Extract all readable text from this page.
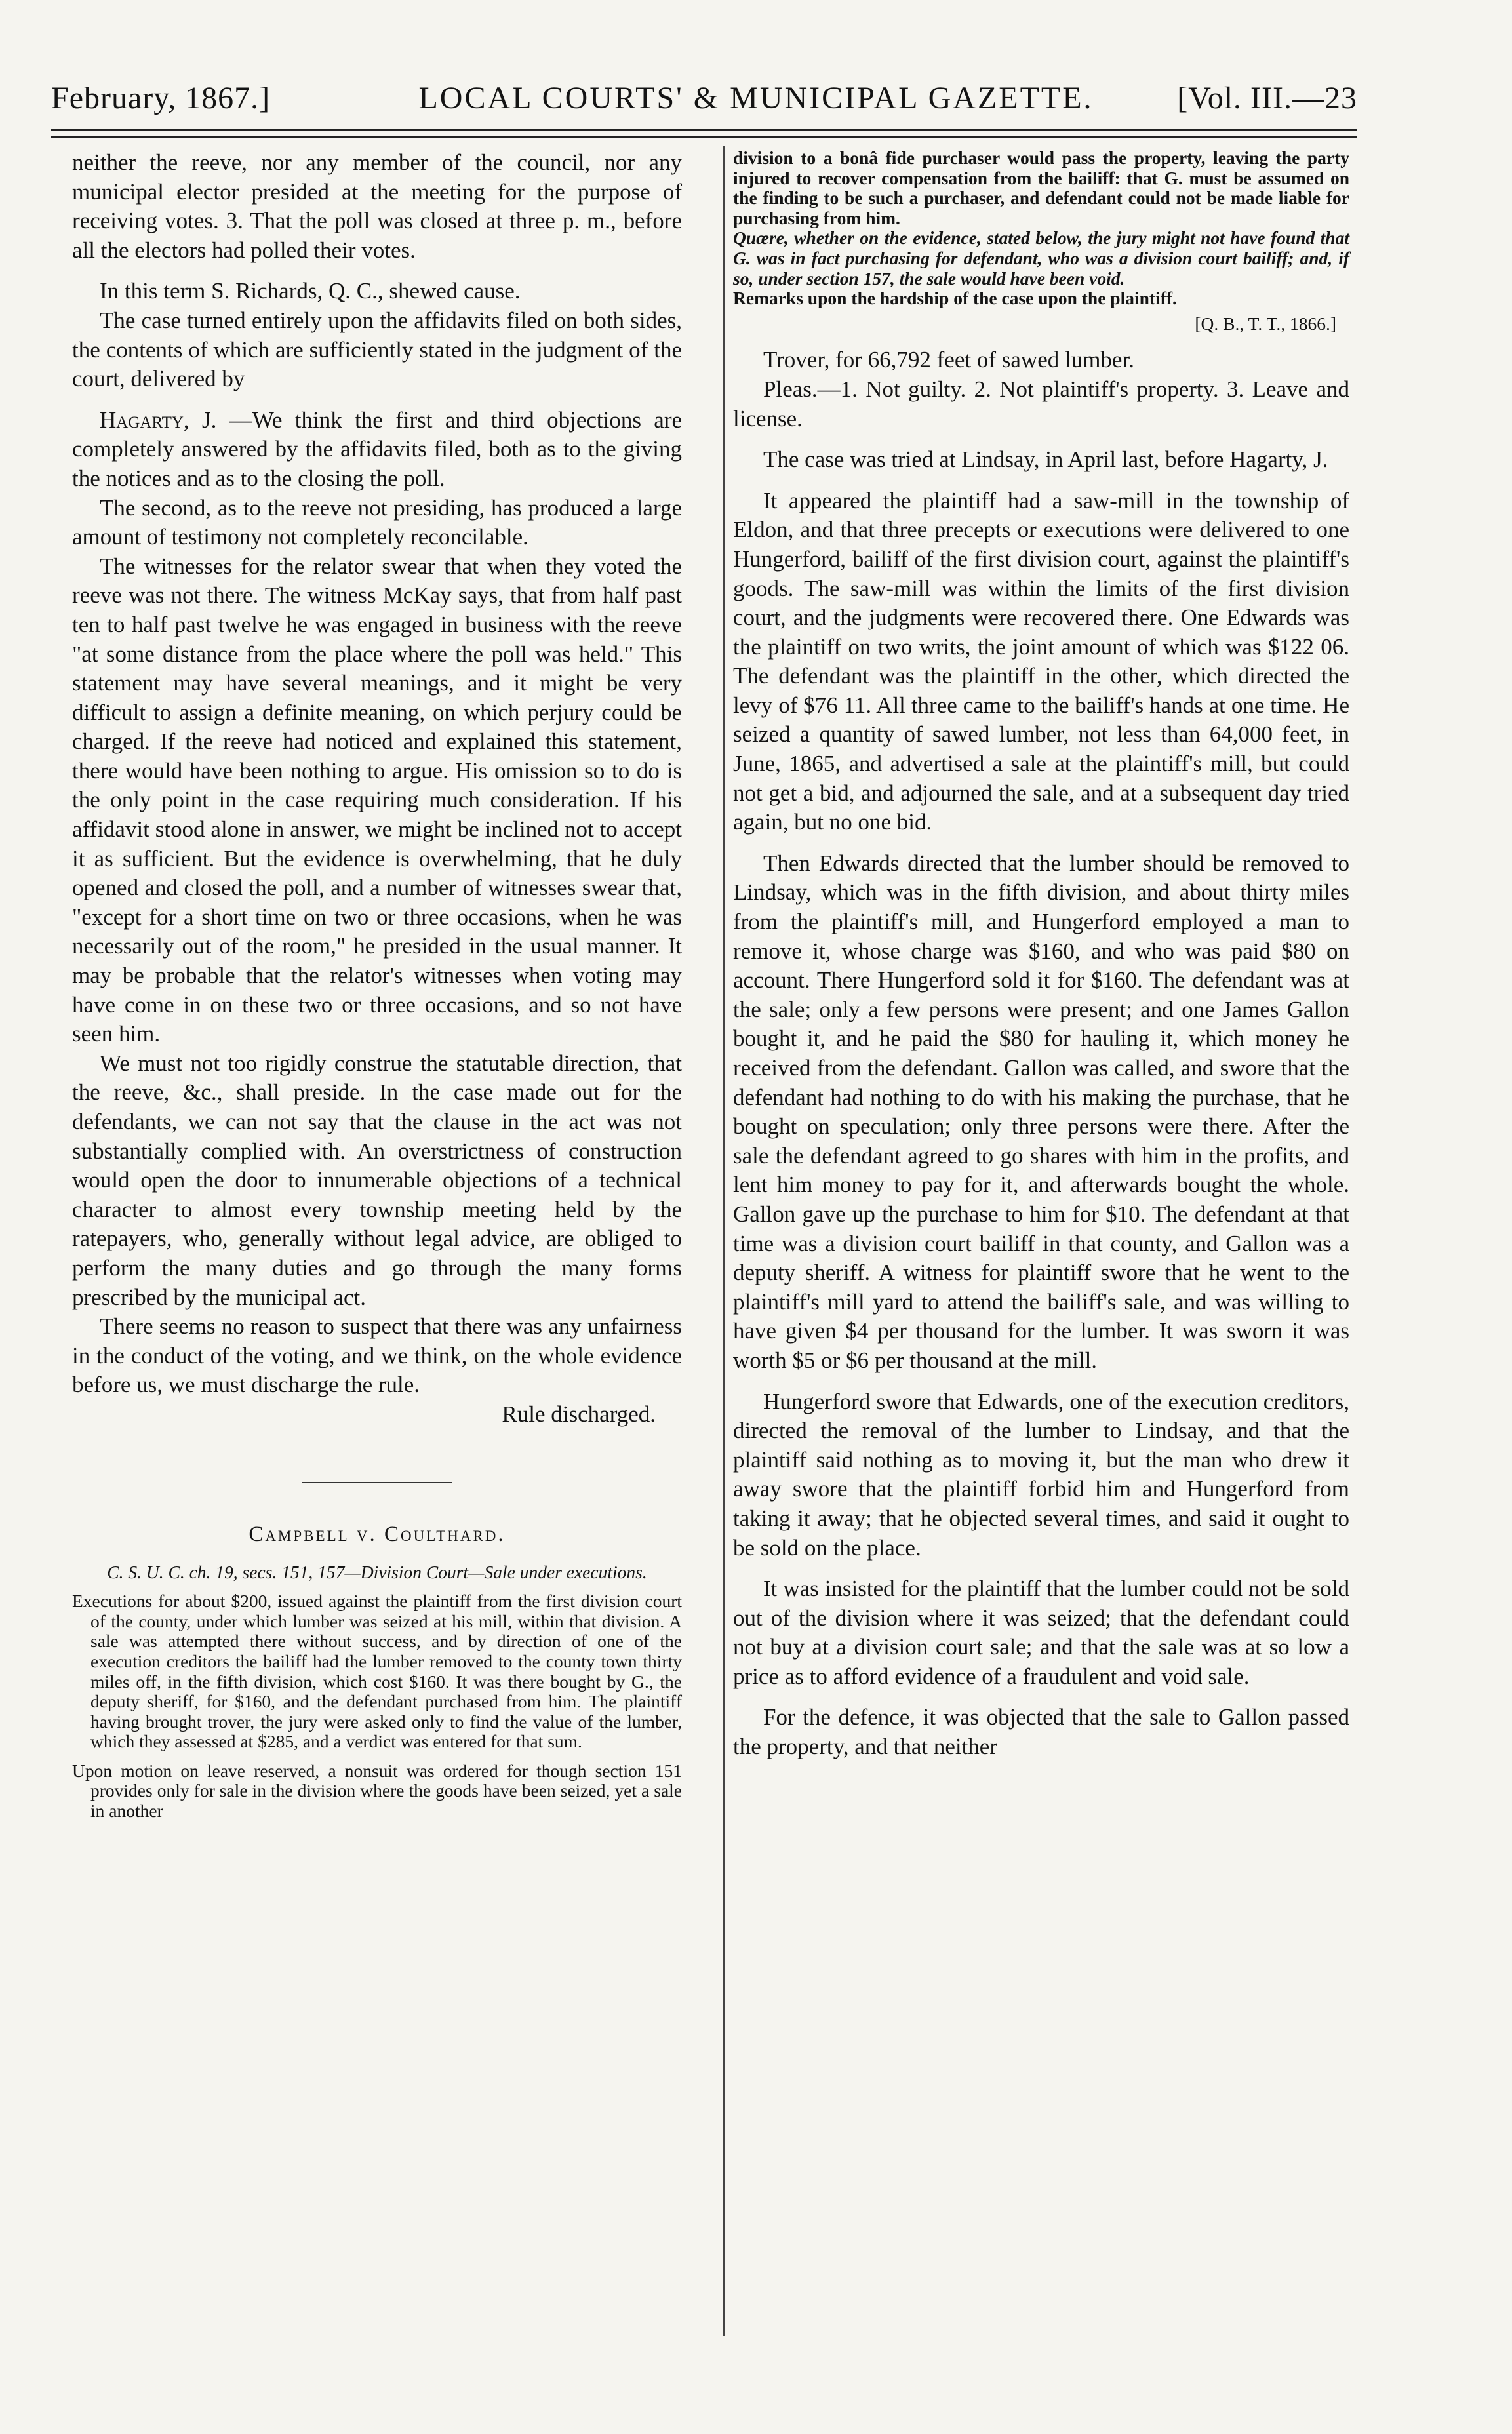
February, 1867.]	LOCAL COURTS' & MUNICIPAL GAZETTE.	[Vol. III.—23

neither the reeve, nor any member of the council, nor any municipal elector presided at the meeting for the purpose of receiving votes. 3. That the poll was closed at three p. m., before all the electors had polled their votes.

In this term S. Richards, Q. C., shewed cause.

The case turned entirely upon the affidavits filed on both sides, the contents of which are sufficiently stated in the judgment of the court, delivered by

Hagarty, J. —We think the first and third objections are completely answered by the affidavits filed, both as to the giving the notices and as to the closing the poll.

The second, as to the reeve not presiding, has produced a large amount of testimony not completely reconcilable.

The witnesses for the relator swear that when they voted the reeve was not there. The witness McKay says, that from half past ten to half past twelve he was engaged in business with the reeve "at some distance from the place where the poll was held." This statement may have several meanings, and it might be very difficult to assign a definite meaning, on which perjury could be charged. If the reeve had noticed and explained this statement, there would have been nothing to argue. His omission so to do is the only point in the case requiring much consideration. If his affidavit stood alone in answer, we might be inclined not to accept it as sufficient. But the evidence is overwhelming, that he duly opened and closed the poll, and a number of witnesses swear that, "except for a short time on two or three occasions, when he was necessarily out of the room," he presided in the usual manner. It may be probable that the relator's witnesses when voting may have come in on these two or three occasions, and so not have seen him.

We must not too rigidly construe the statutable direction, that the reeve, &c., shall preside. In the case made out for the defendants, we can not say that the clause in the act was not substantially complied with. An overstrictness of construction would open the door to innumerable objections of a technical character to almost every township meeting held by the ratepayers, who, generally without legal advice, are obliged to perform the many duties and go through the many forms prescribed by the municipal act.

There seems no reason to suspect that there was any unfairness in the conduct of the voting, and we think, on the whole evidence before us, we must discharge the rule.

Rule discharged.

Campbell v. Coulthard.

C. S. U. C. ch. 19, secs. 151, 157—Division Court—Sale under executions.

Executions for about $200, issued against the plaintiff from the first division court of the county, under which lumber was seized at his mill, within that division. A sale was attempted there without success, and by direction of one of the execution creditors the bailiff had the lumber removed to the county town thirty miles off, in the fifth division, which cost $160. It was there bought by G., the deputy sheriff, for $160, and the defendant purchased from him. The plaintiff having brought trover, the jury were asked only to find the value of the lumber, which they assessed at $285, and a verdict was entered for that sum.

Upon motion on leave reserved, a nonsuit was ordered for though section 151 provides only for sale in the division where the goods have been seized, yet a sale in another

division to a bonâ fide purchaser would pass the property, leaving the party injured to recover compensation from the bailiff: that G. must be assumed on the finding to be such a purchaser, and defendant could not be made liable for purchasing from him.

Quære, whether on the evidence, stated below, the jury might not have found that G. was in fact purchasing for defendant, who was a division court bailiff; and, if so, under section 157, the sale would have been void.

Remarks upon the hardship of the case upon the plaintiff.

[Q. B., T. T., 1866.]

Trover, for 66,792 feet of sawed lumber.

Pleas.—1. Not guilty. 2. Not plaintiff's property. 3. Leave and license.

The case was tried at Lindsay, in April last, before Hagarty, J.

It appeared the plaintiff had a saw-mill in the township of Eldon, and that three precepts or executions were delivered to one Hungerford, bailiff of the first division court, against the plaintiff's goods. The saw-mill was within the limits of the first division court, and the judgments were recovered there. One Edwards was the plaintiff on two writs, the joint amount of which was $122 06. The defendant was the plaintiff in the other, which directed the levy of $76 11. All three came to the bailiff's hands at one time. He seized a quantity of sawed lumber, not less than 64,000 feet, in June, 1865, and advertised a sale at the plaintiff's mill, but could not get a bid, and adjourned the sale, and at a subsequent day tried again, but no one bid.

Then Edwards directed that the lumber should be removed to Lindsay, which was in the fifth division, and about thirty miles from the plaintiff's mill, and Hungerford employed a man to remove it, whose charge was $160, and who was paid $80 on account. There Hungerford sold it for $160. The defendant was at the sale; only a few persons were present; and one James Gallon bought it, and he paid the $80 for hauling it, which money he received from the defendant. Gallon was called, and swore that the defendant had nothing to do with his making the purchase, that he bought on speculation; only three persons were there. After the sale the defendant agreed to go shares with him in the profits, and lent him money to pay for it, and afterwards bought the whole. Gallon gave up the purchase to him for $10. The defendant at that time was a division court bailiff in that county, and Gallon was a deputy sheriff. A witness for plaintiff swore that he went to the plaintiff's mill yard to attend the bailiff's sale, and was willing to have given $4 per thousand for the lumber. It was sworn it was worth $5 or $6 per thousand at the mill.

Hungerford swore that Edwards, one of the execution creditors, directed the removal of the lumber to Lindsay, and that the plaintiff said nothing as to moving it, but the man who drew it away swore that the plaintiff forbid him and Hungerford from taking it away; that he objected several times, and said it ought to be sold on the place.

It was insisted for the plaintiff that the lumber could not be sold out of the division where it was seized; that the defendant could not buy at a division court sale; and that the sale was at so low a price as to afford evidence of a fraudulent and void sale.

For the defence, it was objected that the sale to Gallon passed the property, and that neither
